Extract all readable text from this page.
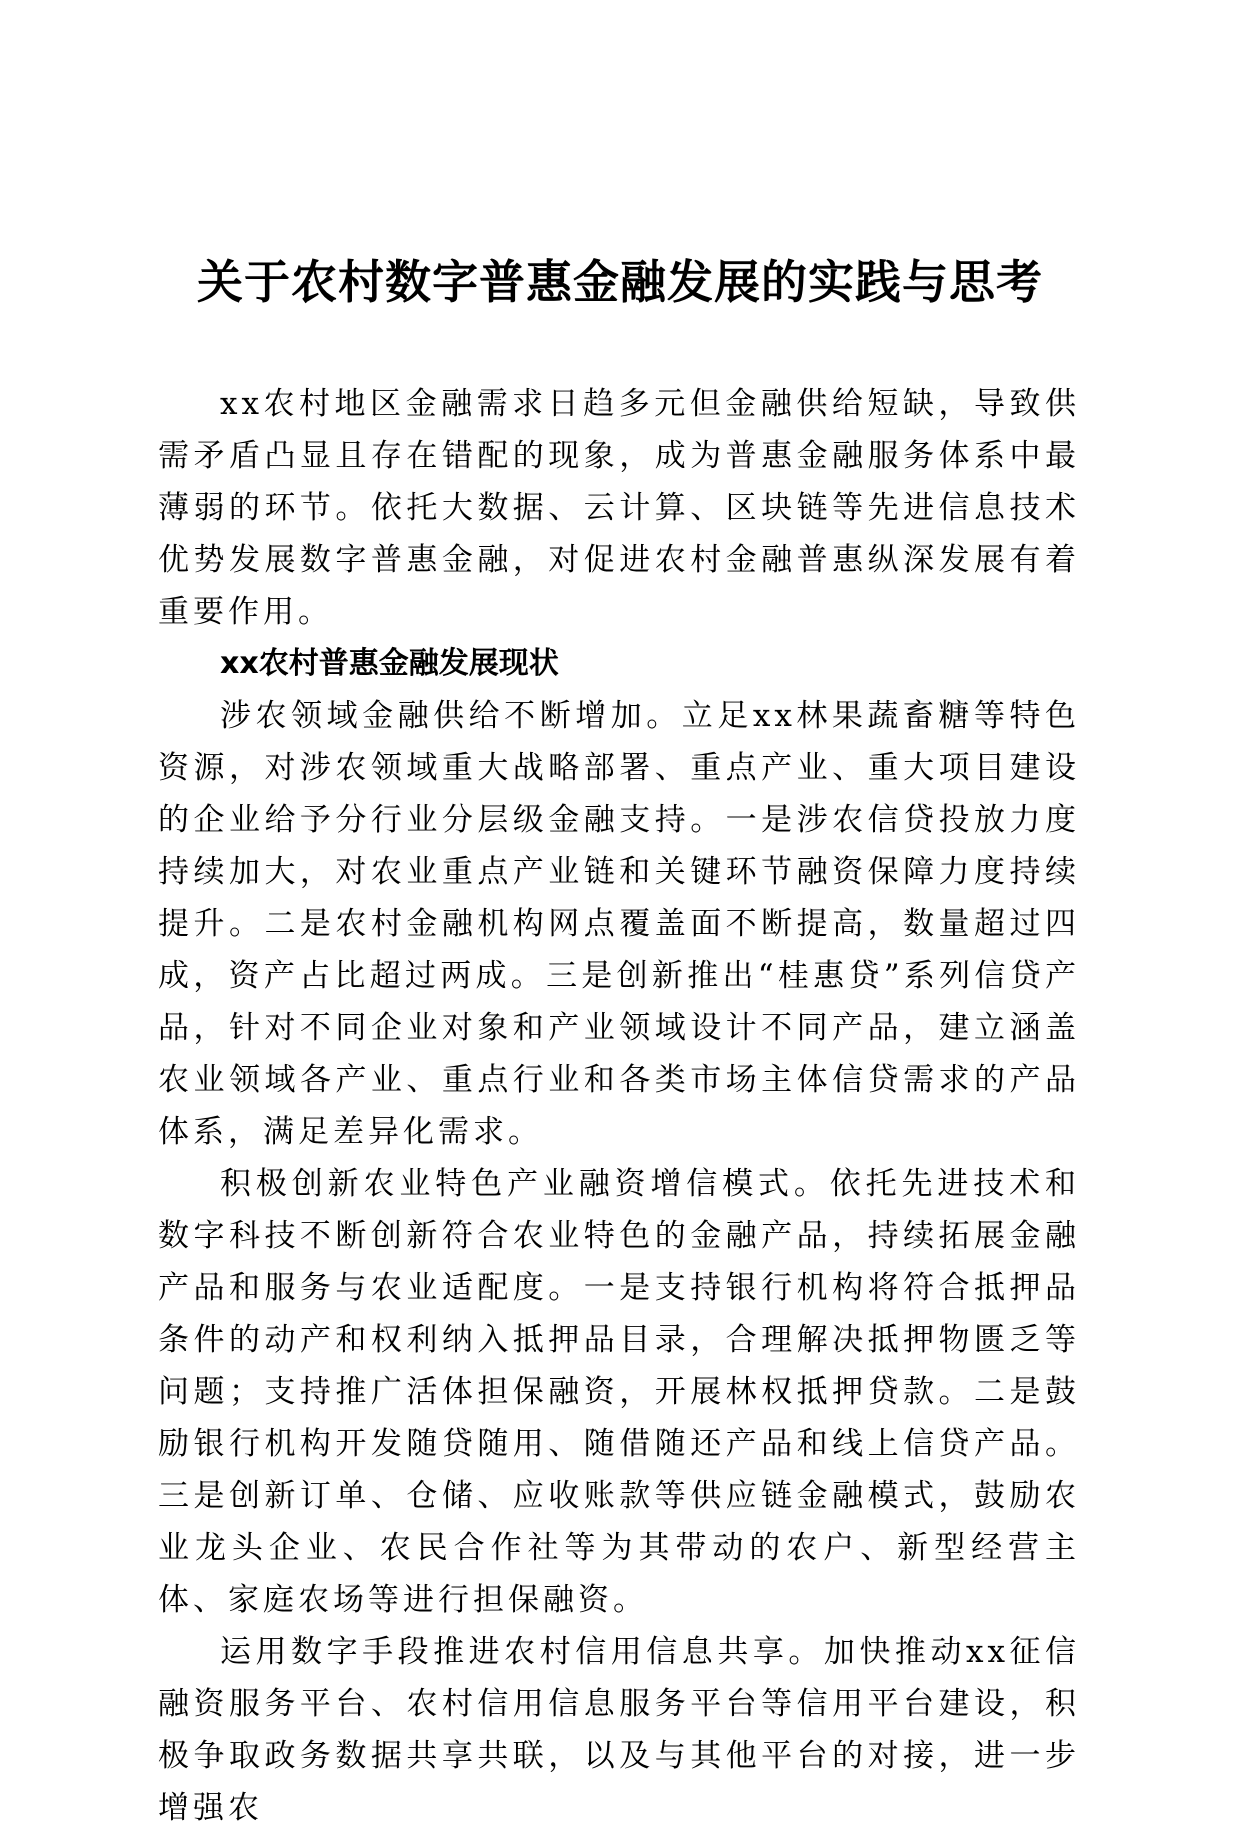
关于农村数字普惠金融发展的实践与思考

xx农村地区金融需求日趋多元但金融供给短缺，导致供需矛盾凸显且存在错配的现象，成为普惠金融服务体系中最薄弱的环节。依托大数据、云计算、区块链等先进信息技术优势发展数字普惠金融，对促进农村金融普惠纵深发展有着重要作用。

xx农村普惠金融发展现状

涉农领域金融供给不断增加。立足xx林果蔬畜糖等特色资源，对涉农领域重大战略部署、重点产业、重大项目建设的企业给予分行业分层级金融支持。一是涉农信贷投放力度持续加大，对农业重点产业链和关键环节融资保障力度持续提升。二是农村金融机构网点覆盖面不断提高，数量超过四成，资产占比超过两成。三是创新推出“桂惠贷”系列信贷产品，针对不同企业对象和产业领域设计不同产品，建立涵盖农业领域各产业、重点行业和各类市场主体信贷需求的产品体系，满足差异化需求。

积极创新农业特色产业融资增信模式。依托先进技术和数字科技不断创新符合农业特色的金融产品，持续拓展金融产品和服务与农业适配度。一是支持银行机构将符合抵押品条件的动产和权利纳入抵押品目录，合理解决抵押物匮乏等问题；支持推广活体担保融资，开展林权抵押贷款。二是鼓励银行机构开发随贷随用、随借随还产品和线上信贷产品。三是创新订单、仓储、应收账款等供应链金融模式，鼓励农业龙头企业、农民合作社等为其带动的农户、新型经营主体、家庭农场等进行担保融资。

运用数字手段推进农村信用信息共享。加快推动xx征信融资服务平台、农村信用信息服务平台等信用平台建设，积极争取政务数据共享共联，以及与其他平台的对接，进一步增强农
